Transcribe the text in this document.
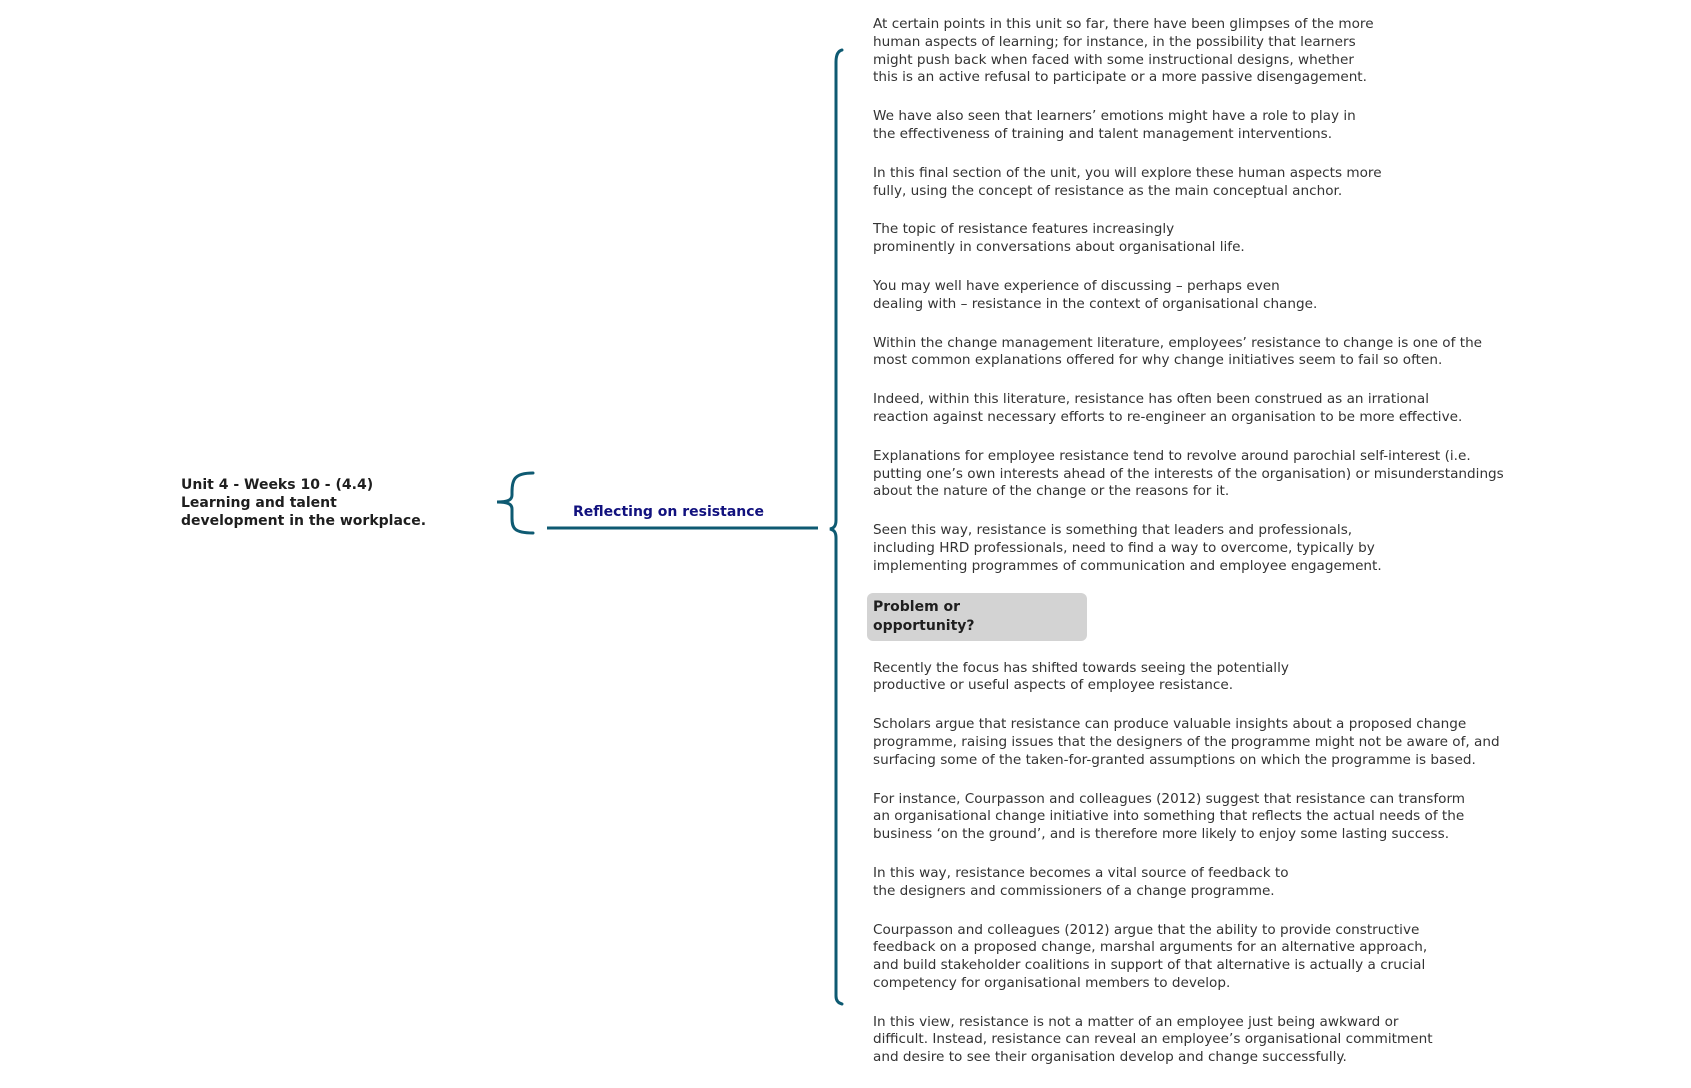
Unit 4 - Weeks 10 - (4.4)
Learning and talent
development in the workplace.
Reflecting on resistance
At certain points in this unit so far, there have been glimpses of the more
human aspects of learning; for instance, in the possibility that learners
might push back when faced with some instructional designs, whether
this is an active refusal to participate or a more passive disengagement.
We have also seen that learners’ emotions might have a role to play in
the effectiveness of training and talent management interventions.
In this final section of the unit, you will explore these human aspects more
fully, using the concept of resistance as the main conceptual anchor.
The topic of resistance features increasingly
prominently in conversations about organisational life.
You may well have experience of discussing – perhaps even
dealing with – resistance in the context of organisational change.
Within the change management literature, employees’ resistance to change is one of the
most common explanations offered for why change initiatives seem to fail so often.
Indeed, within this literature, resistance has often been construed as an irrational
reaction against necessary efforts to re-engineer an organisation to be more effective.
Explanations for employee resistance tend to revolve around parochial self-interest (i.e.
putting one’s own interests ahead of the interests of the organisation) or misunderstandings
about the nature of the change or the reasons for it.
Seen this way, resistance is something that leaders and professionals,
including HRD professionals, need to find a way to overcome, typically by
implementing programmes of communication and employee engagement.
Problem or opportunity?
Recently the focus has shifted towards seeing the potentially
productive or useful aspects of employee resistance.
Scholars argue that resistance can produce valuable insights about a proposed change
programme, raising issues that the designers of the programme might not be aware of, and
surfacing some of the taken-for-granted assumptions on which the programme is based.
For instance, Courpasson and colleagues (2012) suggest that resistance can transform
an organisational change initiative into something that reflects the actual needs of the
business ‘on the ground’, and is therefore more likely to enjoy some lasting success.
In this way, resistance becomes a vital source of feedback to
the designers and commissioners of a change programme.
Courpasson and colleagues (2012) argue that the ability to provide constructive
feedback on a proposed change, marshal arguments for an alternative approach,
and build stakeholder coalitions in support of that alternative is actually a crucial
competency for organisational members to develop.
In this view, resistance is not a matter of an employee just being awkward or
difficult. Instead, resistance can reveal an employee’s organisational commitment
and desire to see their organisation develop and change successfully.
